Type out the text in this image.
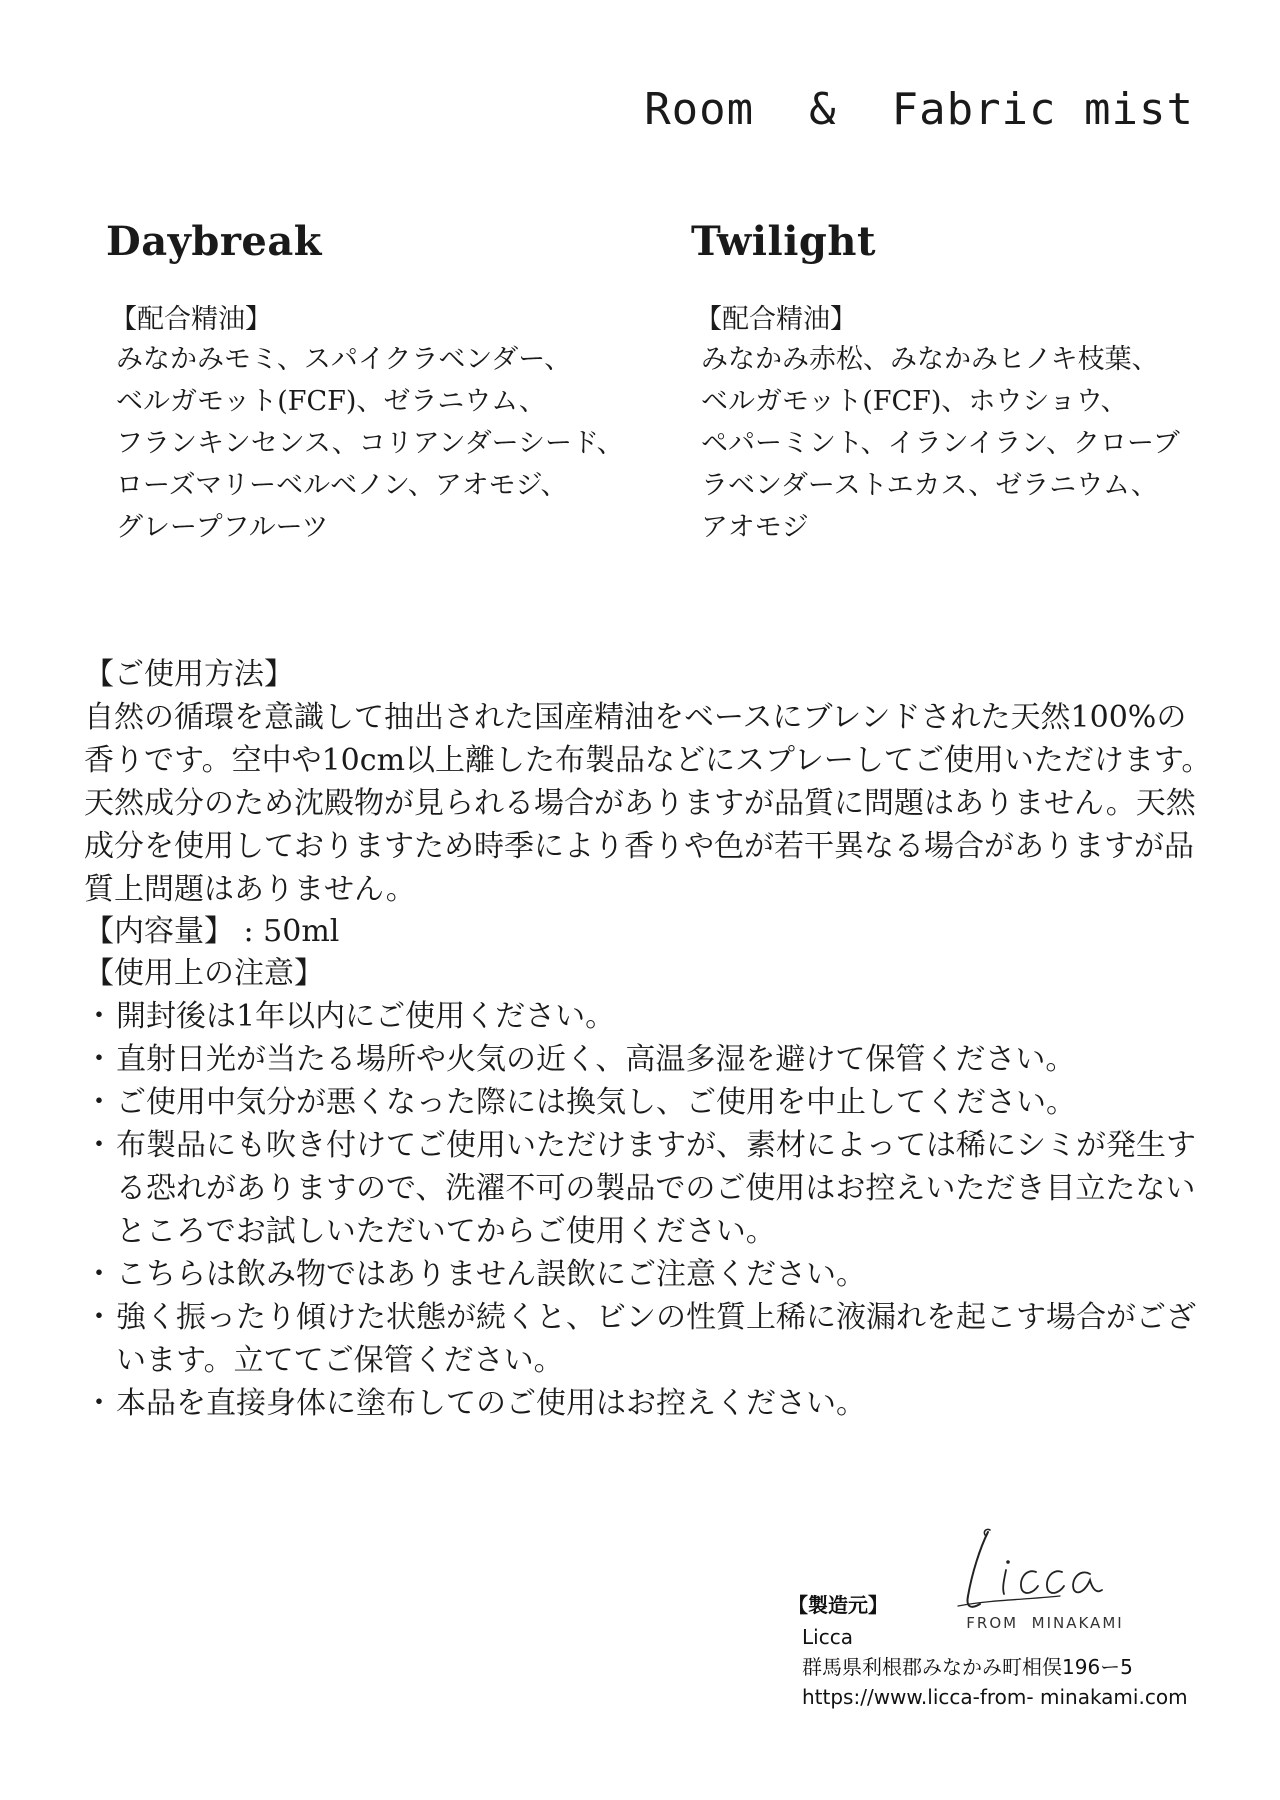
Room  &  Fabric mist
Daybreak
【配合精油】
みなかみモミ、スパイクラベンダー、
ベルガモット(FCF)、ゼラニウム、
フランキンセンス、コリアンダーシード、
ローズマリーベルベノン、アオモジ、
グレープフルーツ
Twilight
【配合精油】
みなかみ赤松、みなかみヒノキ枝葉、
ベルガモット(FCF)、ホウショウ、
ペパーミント、イランイラン、クローブ
ラベンダーストエカス、ゼラニウム、
アオモジ
【ご使用方法】
自然の循環を意識して抽出された国産精油をベースにブレンドされた天然100%の香りです。空中や10cm以上離した布製品などにスプレーしてご使用いただけます。天然成分のため沈殿物が見られる場合がありますが品質に問題はありません。天然成分を使用しておりますため時季により香りや色が若干異なる場合がありますが品質上問題はありません。
【内容量】 : 50ml
【使用上の注意】
・ 開封後は1年以内にご使用ください。
・ 直射日光が当たる場所や火気の近く、高温多湿を避けて保管ください。
・ ご使用中気分が悪くなった際には換気し、ご使用を中止してください。
・ 布製品にも吹き付けてご使用いただけますが、素材によっては稀にシミが発生する恐れがありますので、洗濯不可の製品でのご使用はお控えいただき目立たないところでお試しいただいてからご使用ください。
・ こちらは飲み物ではありません誤飲にご注意ください。
・ 強く振ったり傾けた状態が続くと、ビンの性質上稀に液漏れを起こす場合がございます。立ててご保管ください。
・ 本品を直接身体に塗布してのご使用はお控えください。
FROM  MINAKAMI
【製造元】
Licca
群馬県利根郡みなかみ町相俣196ー5
https://www.licca-from- minakami.com
